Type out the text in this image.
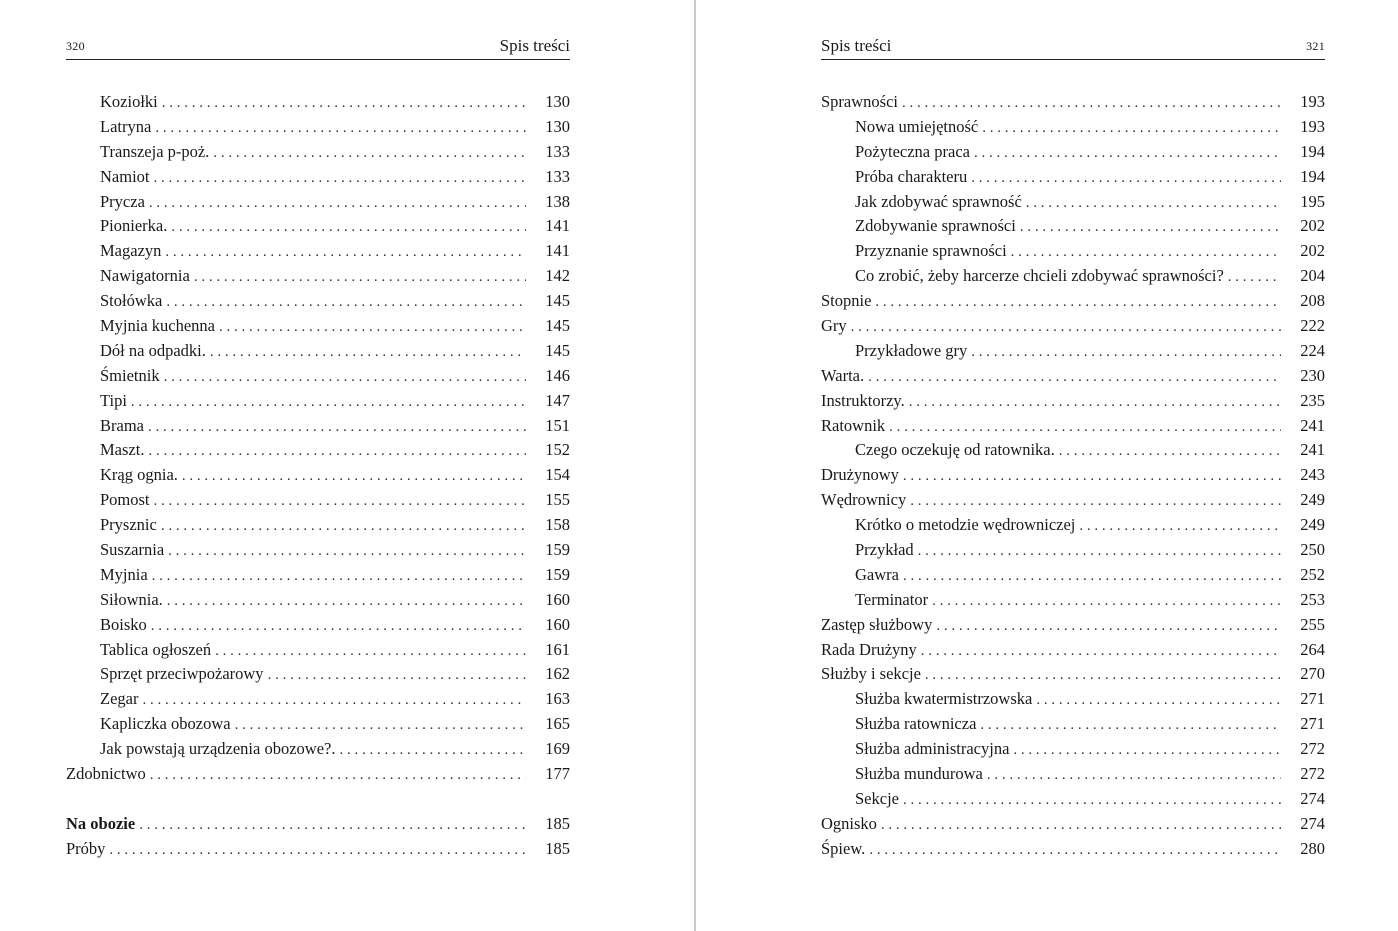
320	Spis treści
Koziołki . . .	130
Latryna . . .	130
Transzeja p-poż. . . .	133
Namiot . . .	133
Prycza . . .	138
Pionierka. . . .	141
Magazyn . . .	141
Nawigatornia . . .	142
Stołówka . . .	145
Myjnia kuchenna . . .	145
Dół na odpadki. . . .	145
Śmietnik . . .	146
Tipi . . .	147
Brama . . .	151
Maszt. . . .	152
Krąg ognia. . . .	154
Pomost . . .	155
Prysznic . . .	158
Suszarnia . . .	159
Myjnia . . .	159
Siłownia. . . .	160
Boisko . . .	160
Tablica ogłoszeń . . .	161
Sprzęt przeciwpożarowy . . .	162
Zegar . . .	163
Kapliczka obozowa . . .	165
Jak powstają urządzenia obozowe?. . . .	169
Zdobnictwo . . .	177
Na obozie . . .	185
Próby . . .	185
Spis treści	321
Sprawności . . .	193
Nowa umiejętność . . .	193
Pożyteczna praca . . .	194
Próba charakteru . . .	194
Jak zdobywać sprawność . . .	195
Zdobywanie sprawności . . .	202
Przyznanie sprawności . . .	202
Co zrobić, żeby harcerze chcieli zdobywać sprawności? . . .	204
Stopnie . . .	208
Gry . . .	222
Przykładowe gry . . .	224
Warta. . . .	230
Instruktorzy. . . .	235
Ratownik . . .	241
Czego oczekuję od ratownika. . . .	241
Drużynowy . . .	243
Wędrownicy . . .	249
Krótko o metodzie wędrowniczej . . .	249
Przykład . . .	250
Gawra . . .	252
Terminator . . .	253
Zastęp służbowy . . .	255
Rada Drużyny . . .	264
Służby i sekcje . . .	270
Służba kwatermistrzowska . . .	271
Służba ratownicza . . .	271
Służba administracyjna . . .	272
Służba mundurowa . . .	272
Sekcje . . .	274
Ognisko . . .	274
Śpiew. . . .	280
